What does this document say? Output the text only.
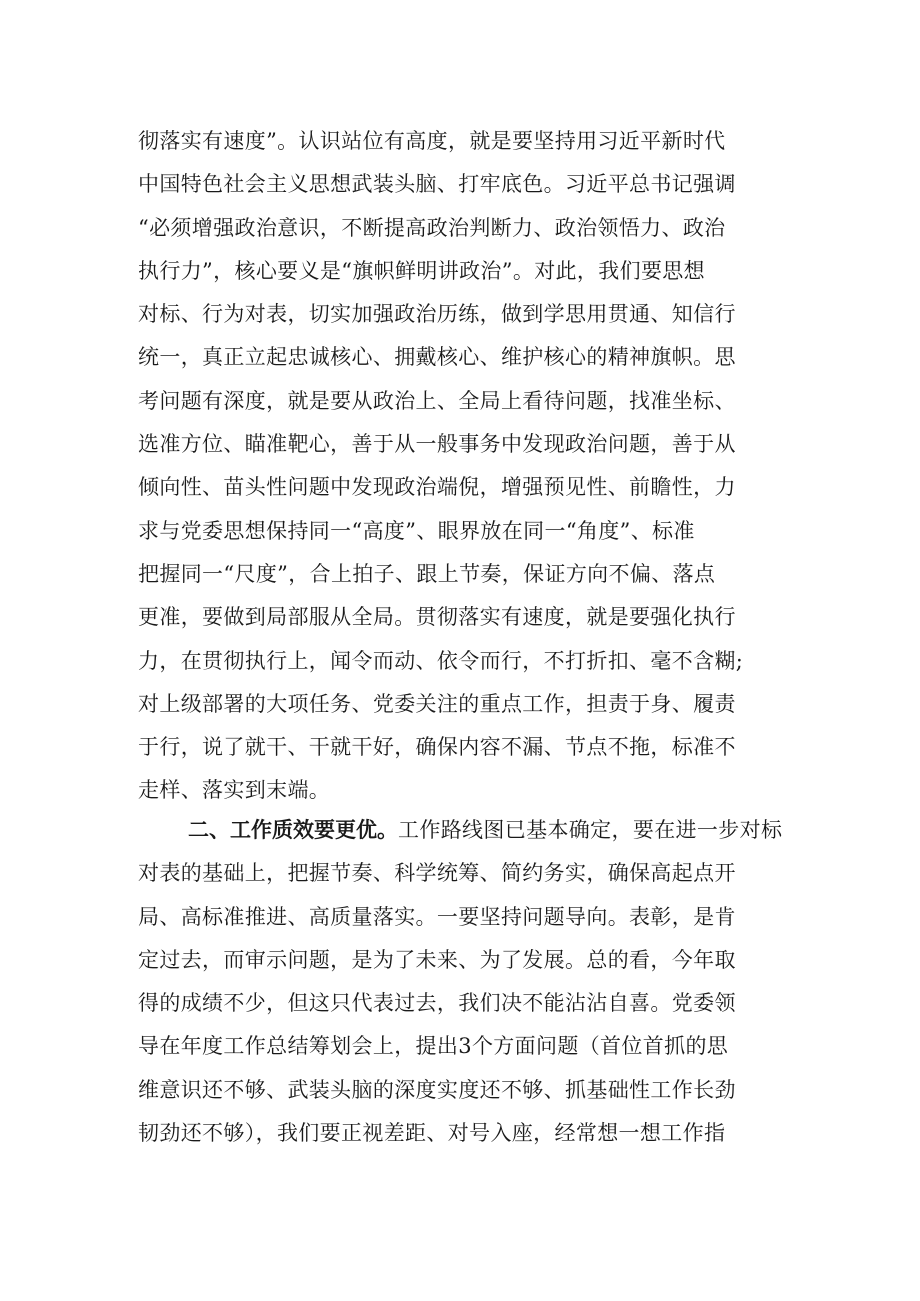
彻落实有速度”。认识站位有高度，就是要坚持用习近平新时代
中国特色社会主义思想武装头脑、打牢底色。习近平总书记强调
“必须增强政治意识，不断提高政治判断力、政治领悟力、政治
执行力”，核心要义是“旗帜鲜明讲政治”。对此，我们要思想
对标、行为对表，切实加强政治历练，做到学思用贯通、知信行
统一，真正立起忠诚核心、拥戴核心、维护核心的精神旗帜。思
考问题有深度，就是要从政治上、全局上看待问题，找准坐标、
选准方位、瞄准靶心，善于从一般事务中发现政治问题，善于从
倾向性、苗头性问题中发现政治端倪，增强预见性、前瞻性，力
求与党委思想保持同一“高度”、眼界放在同一“角度”、标准
把握同一“尺度”，合上拍子、跟上节奏，保证方向不偏、落点
更准，要做到局部服从全局。贯彻落实有速度，就是要强化执行
力，在贯彻执行上，闻令而动、依令而行，不打折扣、毫不含糊;
对上级部署的大项任务、党委关注的重点工作，担责于身、履责
于行，说了就干、干就干好，确保内容不漏、节点不拖，标准不
走样、落实到末端。
二、工作质效要更优。工作路线图已基本确定，要在进一步对标
对表的基础上，把握节奏、科学统筹、简约务实，确保高起点开
局、高标准推进、高质量落实。一要坚持问题导向。表彰，是肯
定过去，而审示问题，是为了未来、为了发展。总的看，今年取
得的成绩不少，但这只代表过去，我们决不能沾沾自喜。党委领
导在年度工作总结筹划会上，提出3个方面问题（首位首抓的思
维意识还不够、武装头脑的深度实度还不够、抓基础性工作长劲
韧劲还不够），我们要正视差距、对号入座，经常想一想工作指
